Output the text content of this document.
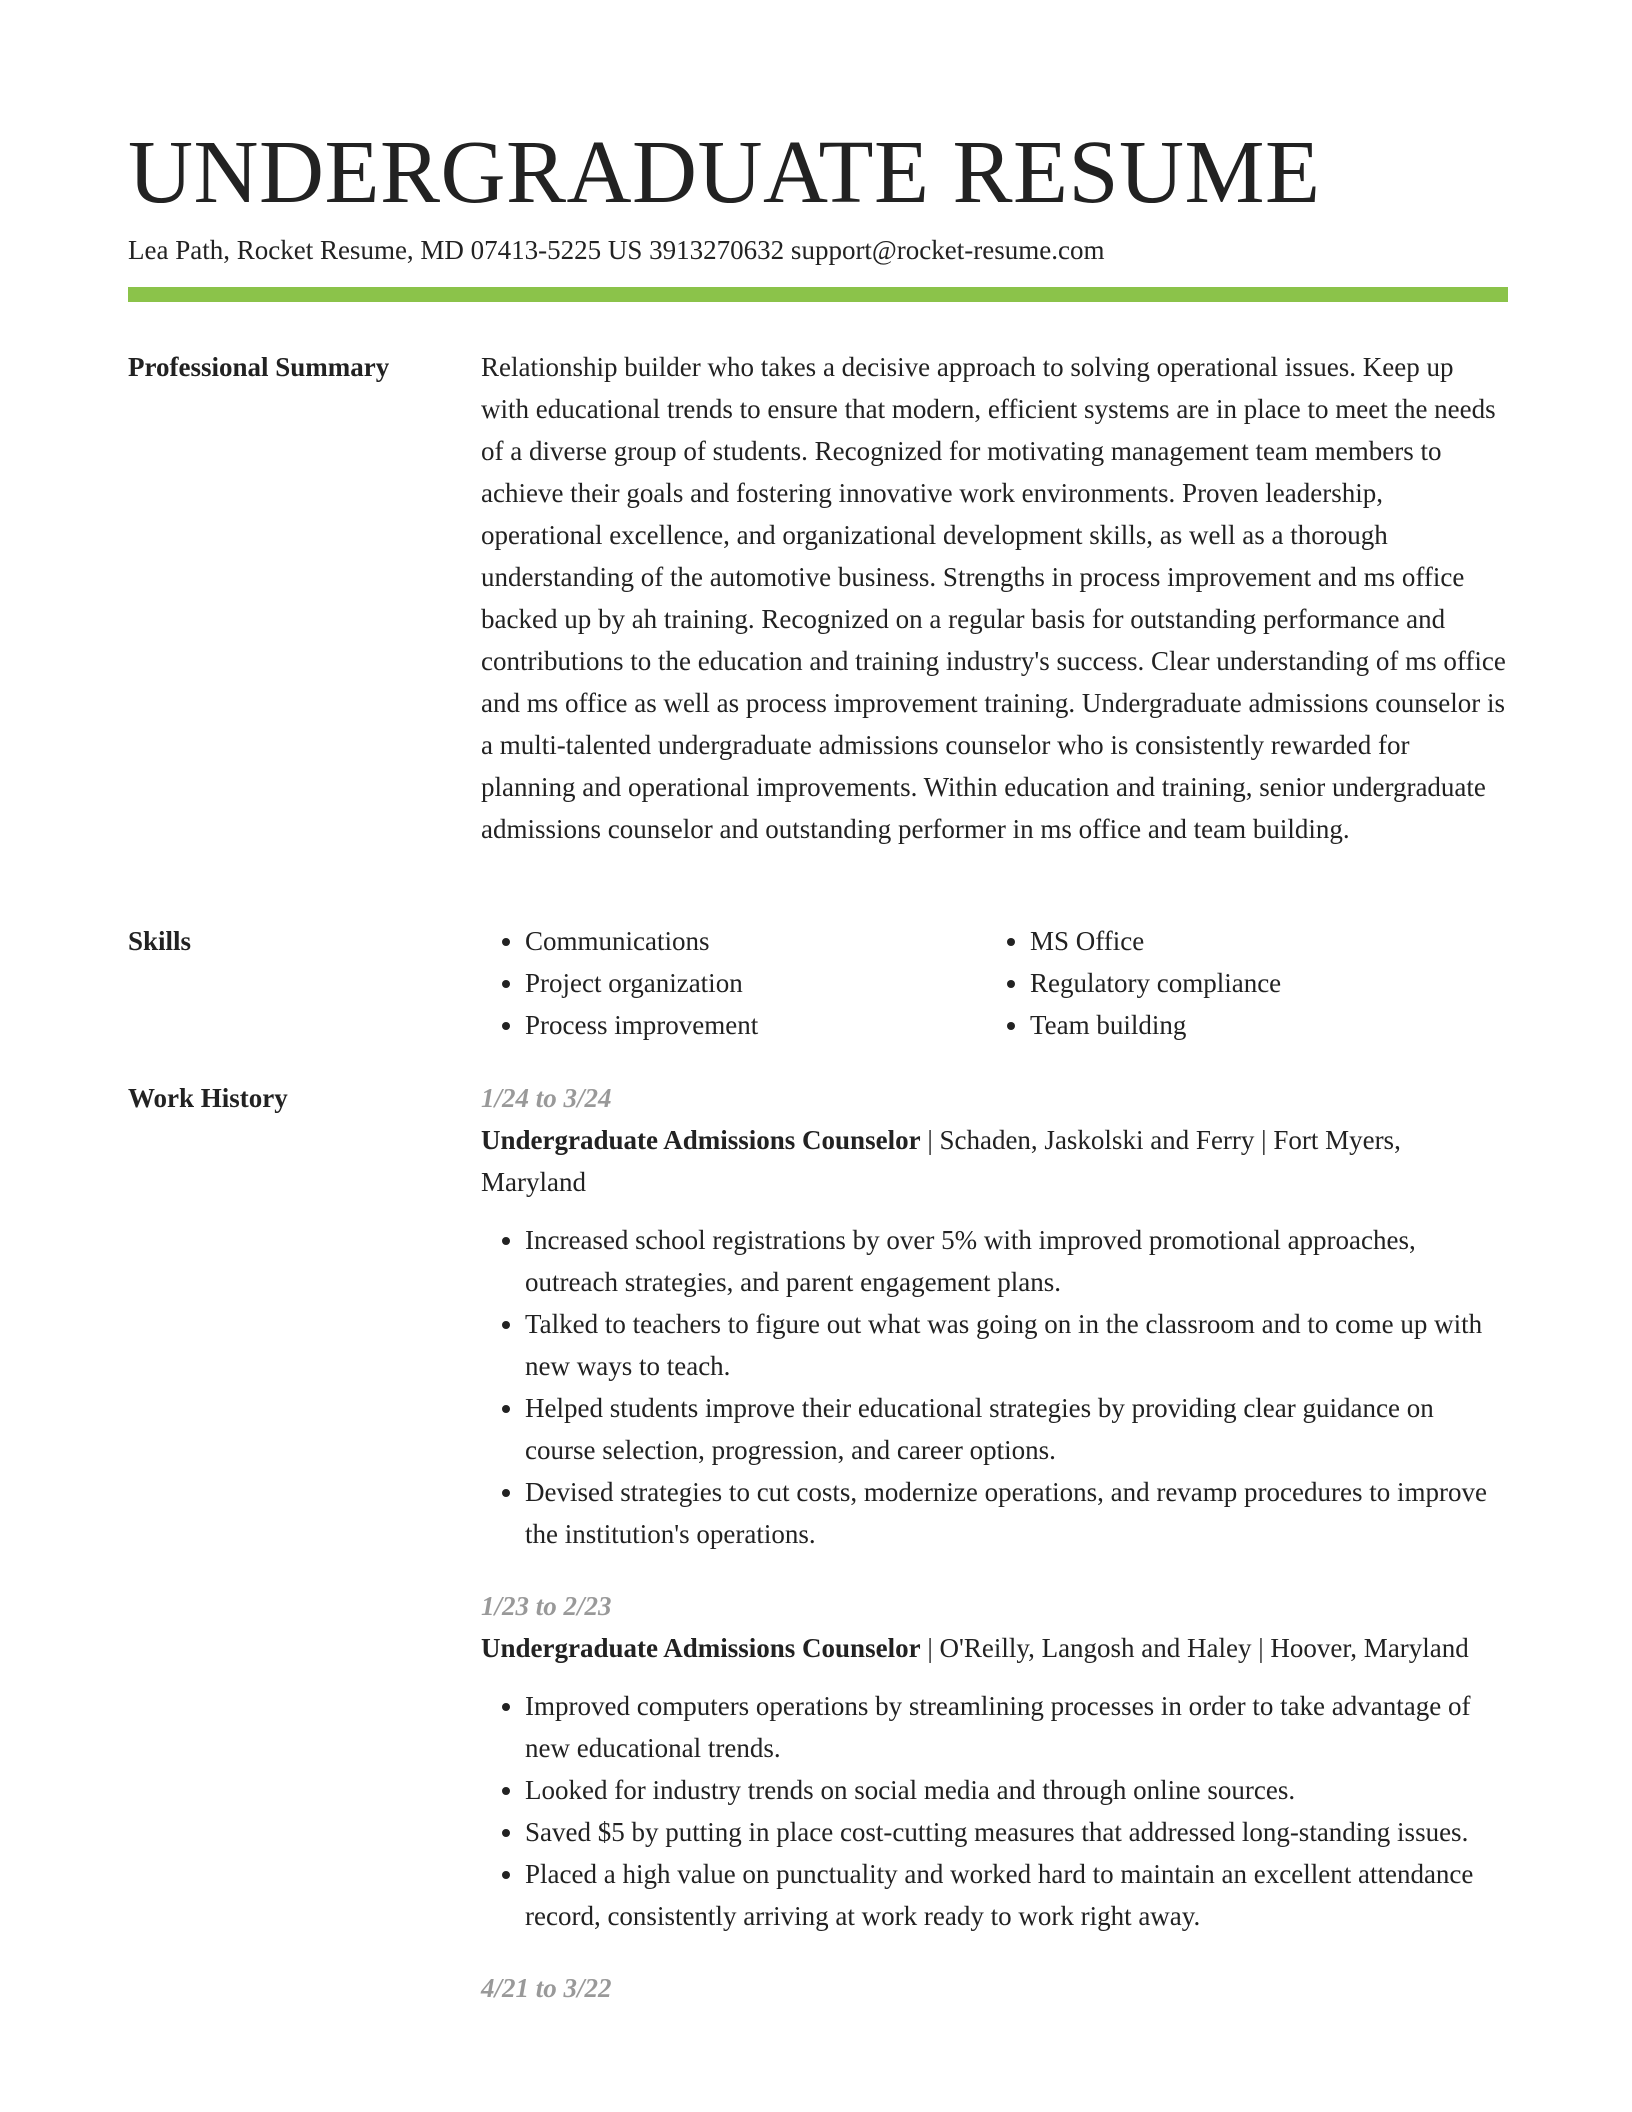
UNDERGRADUATE RESUME
Lea Path, Rocket Resume, MD 07413-5225 US 3913270632 support@rocket-resume.com
Professional Summary	Relationship builder who takes a decisive approach to solving operational issues. Keep up with educational trends to ensure that modern, efficient systems are in place to meet the needs of a diverse group of students. Recognized for motivating management team members to achieve their goals and fostering innovative work environments. Proven leadership, operational excellence, and organizational development skills, as well as a thorough understanding of the automotive business. Strengths in process improvement and ms office backed up by ah training. Recognized on a regular basis for outstanding performance and contributions to the education and training industry's success. Clear understanding of ms office and ms office as well as process improvement training. Undergraduate admissions counselor is a multi-talented undergraduate admissions counselor who is consistently rewarded for planning and operational improvements. Within education and training, senior undergraduate admissions counselor and outstanding performer in ms office and team building.

Skills
•	Communications
• Project organization
• Process improvement
• MS Office
• Regulatory compliance
• Team building
Work History	1/24 to 3/24
Undergraduate Admissions Counselor | Schaden, Jaskolski and Ferry | Fort Myers, Maryland
• Increased school registrations by over 5% with improved promotional approaches, outreach strategies, and parent engagement plans.
• Talked to teachers to figure out what was going on in the classroom and to come up with new ways to teach.
• Helped students improve their educational strategies by providing clear guidance on course selection, progression, and career options.
• Devised strategies to cut costs, modernize operations, and revamp procedures to improve the institution's operations.
1/23 to 2/23
Undergraduate Admissions Counselor | O'Reilly, Langosh and Haley | Hoover, Maryland
• Improved computers operations by streamlining processes in order to take advantage of new educational trends.
• Looked for industry trends on social media and through online sources.
• Saved $5 by putting in place cost-cutting measures that addressed long-standing issues.
• Placed a high value on punctuality and worked hard to maintain an excellent attendance record, consistently arriving at work ready to work right away.
4/21 to 3/22
